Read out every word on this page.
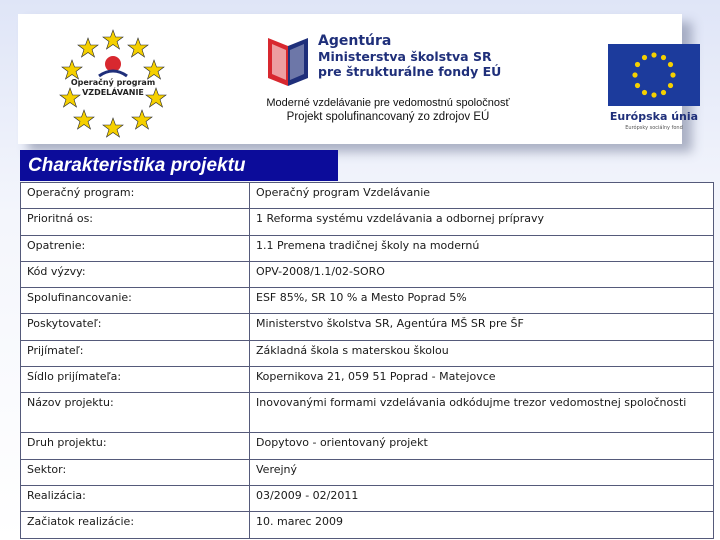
Operačný program
VZDELÁVANIE
Agentúra
Ministerstva školstva SR
pre štrukturálne fondy EÚ
Moderné vzdelávanie pre vedomostnú spoločnosť
Projekt spolufinancovaný zo zdrojov EÚ	Európska únia
Európsky sociálny fond
Charakteristika projektu
Operačný program:	Operačný program Vzdelávanie
Prioritná os:	1 Reforma systému vzdelávania a odbornej prípravy
Opatrenie:	1.1 Premena tradičnej školy na modernú
Kód výzvy:	OPV-2008/1.1/02-SORO
Spolufinancovanie:	ESF 85%, SR 10 % a Mesto Poprad 5%
Poskytovateľ:	Ministerstvo školstva SR, Agentúra MŠ SR pre ŠF
Prijímateľ:	Základná škola s materskou školou
Sídlo prijímateľa:	Kopernikova 21, 059 51 Poprad - Matejovce
Názov projektu:	Inovovanými formami vzdelávania odkódujme trezor vedomostnej spoločnosti
Druh projektu:	Dopytovo - orientovaný projekt
Sektor:	Verejný
Realizácia:	03/2009 - 02/2011
Začiatok realizácie:	10. marec 2009
